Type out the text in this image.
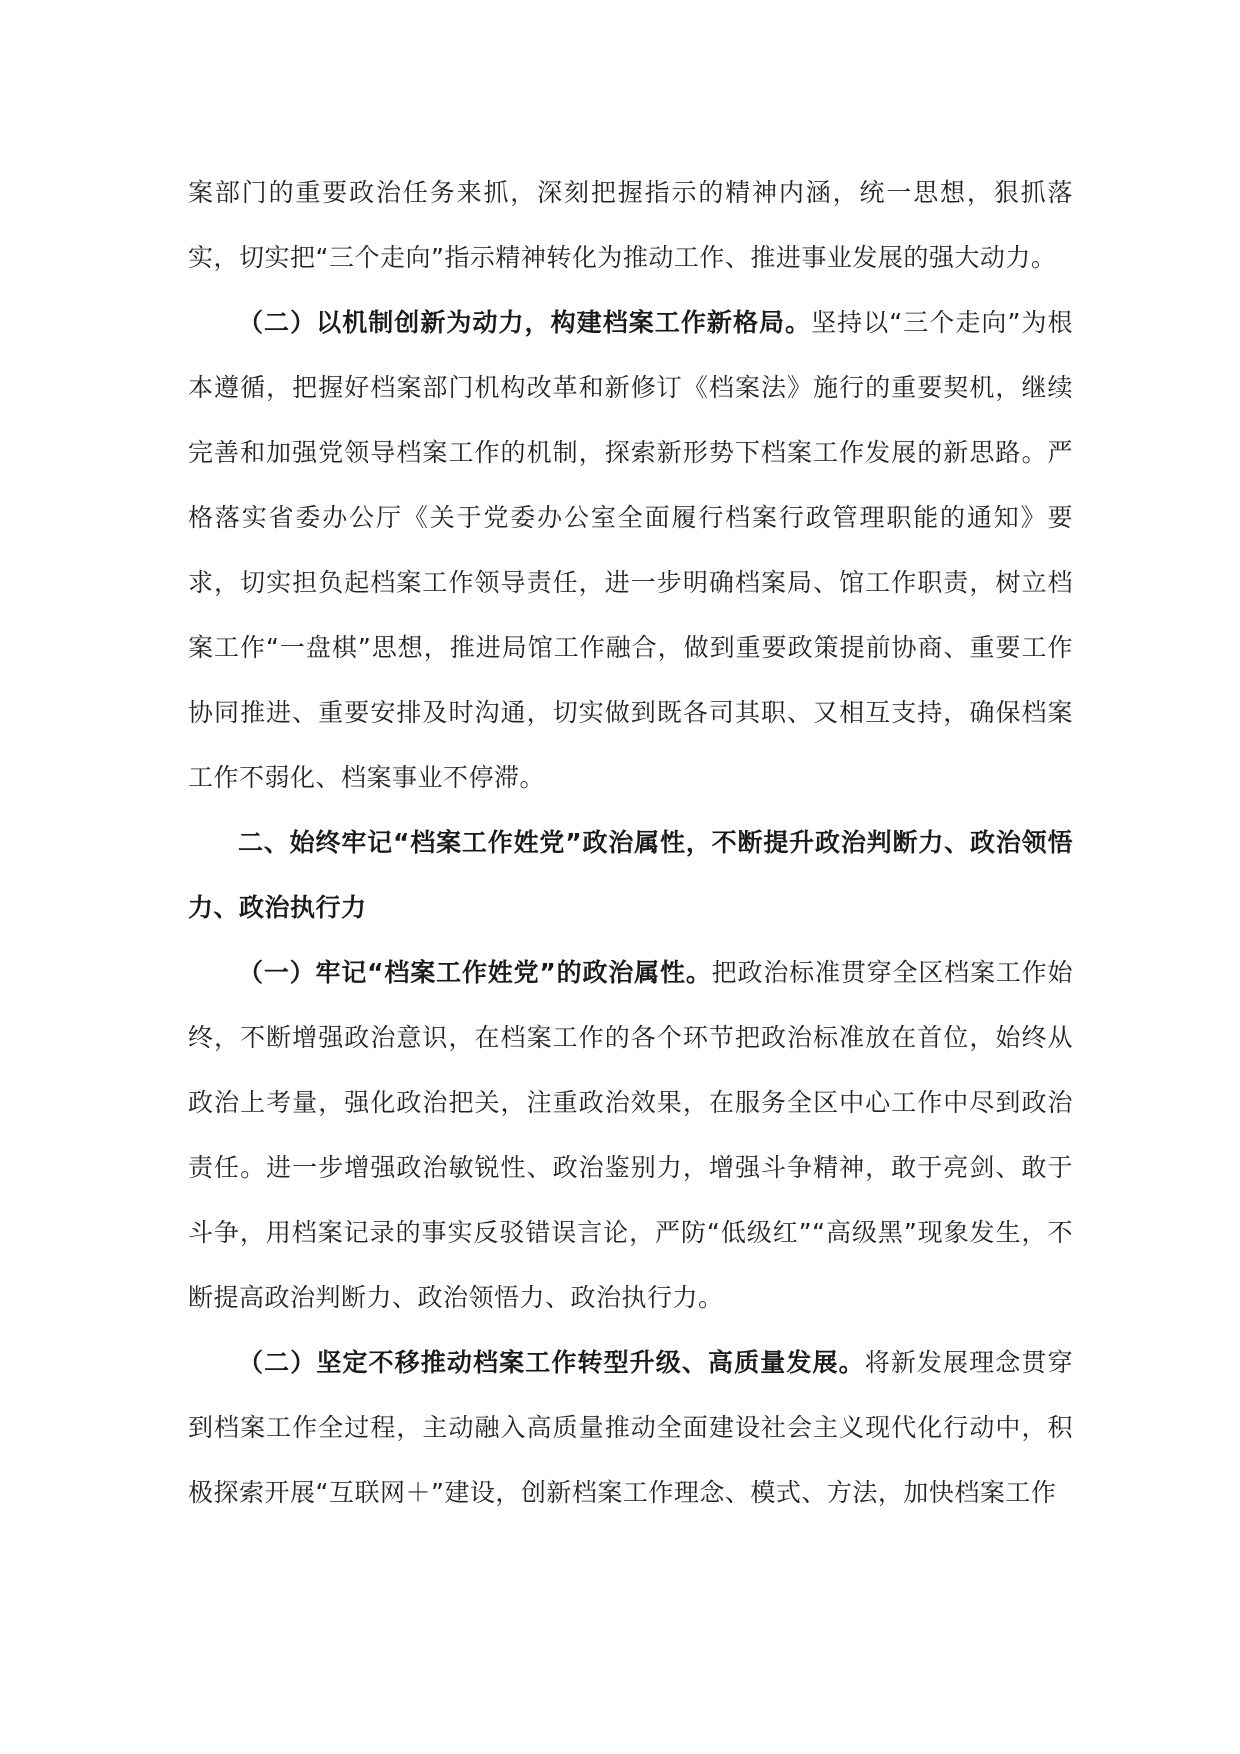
案部门的重要政治任务来抓，深刻把握指示的精神内涵，统一思想，狠抓落实，切实把“三个走向”指示精神转化为推动工作、推进事业发展的强大动力。

（二）以机制创新为动力，构建档案工作新格局。坚持以“三个走向”为根本遵循，把握好档案部门机构改革和新修订《档案法》施行的重要契机，继续完善和加强党领导档案工作的机制，探索新形势下档案工作发展的新思路。严格落实省委办公厅《关于党委办公室全面履行档案行政管理职能的通知》要求，切实担负起档案工作领导责任，进一步明确档案局、馆工作职责，树立档案工作“一盘棋”思想，推进局馆工作融合，做到重要政策提前协商、重要工作协同推进、重要安排及时沟通，切实做到既各司其职、又相互支持，确保档案工作不弱化、档案事业不停滞。

二、始终牢记“档案工作姓党”政治属性，不断提升政治判断力、政治领悟力、政治执行力

（一）牢记“档案工作姓党”的政治属性。把政治标准贯穿全区档案工作始终，不断增强政治意识，在档案工作的各个环节把政治标准放在首位，始终从政治上考量，强化政治把关，注重政治效果，在服务全区中心工作中尽到政治责任。进一步增强政治敏锐性、政治鉴别力，增强斗争精神，敢于亮剑、敢于斗争，用档案记录的事实反驳错误言论，严防“低级红”“高级黑”现象发生，不断提高政治判断力、政治领悟力、政治执行力。

（二）坚定不移推动档案工作转型升级、高质量发展。将新发展理念贯穿到档案工作全过程，主动融入高质量推动全面建设社会主义现代化行动中，积极探索开展“互联网＋”建设，创新档案工作理念、模式、方法，加快档案工作
